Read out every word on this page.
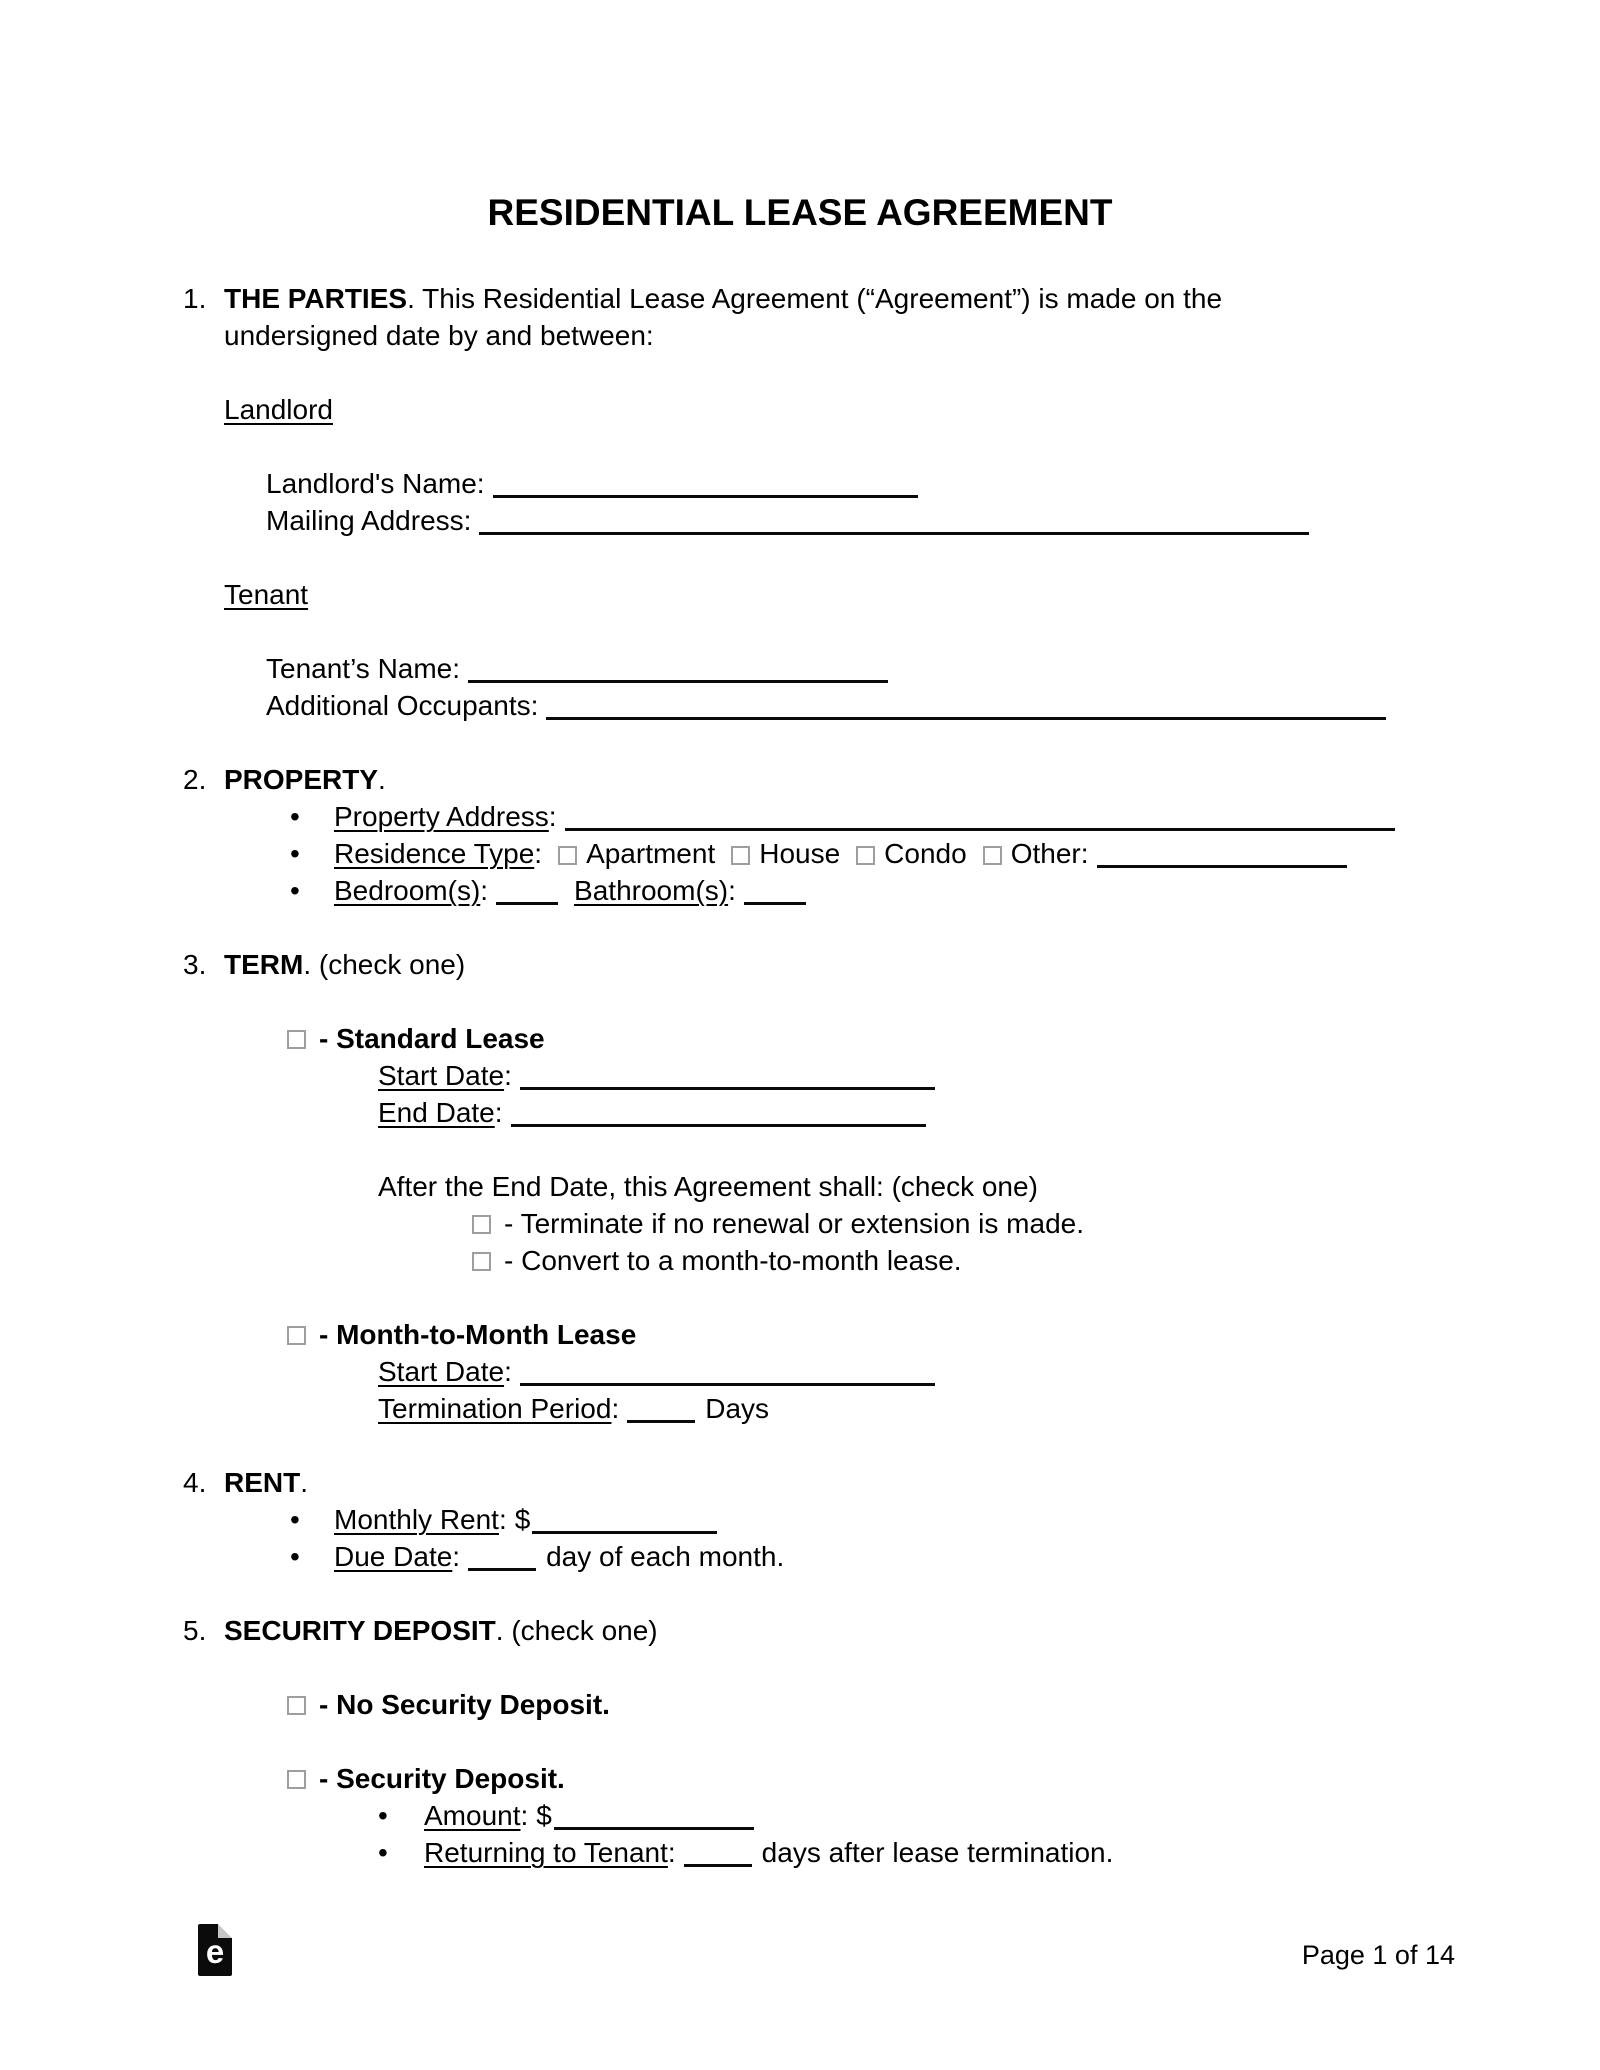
RESIDENTIAL LEASE AGREEMENT
1. THE PARTIES. This Residential Lease Agreement (“Agreement”) is made on the
undersigned date by and between:
Landlord
Landlord's Name:
Mailing Address:
Tenant
Tenant’s Name:
Additional Occupants:
2. PROPERTY.
• Property Address:
• Residence Type: Apartment House Condo Other:
• Bedroom(s):	Bathroom(s):
3. TERM. (check one)
- Standard Lease
Start Date:
End Date:
After the End Date, this Agreement shall: (check one)
- Terminate if no renewal or extension is made.
- Convert to a month-to-month lease.
- Month-to-Month Lease
Start Date:
Termination Period:	Days
4. RENT.
• Monthly Rent: $
• Due Date:	day of each month.
5. SECURITY DEPOSIT. (check one)
- No Security Deposit.
- Security Deposit.
• Amount: $
• Returning to Tenant:	days after lease termination.
e	Page 1 of 14
